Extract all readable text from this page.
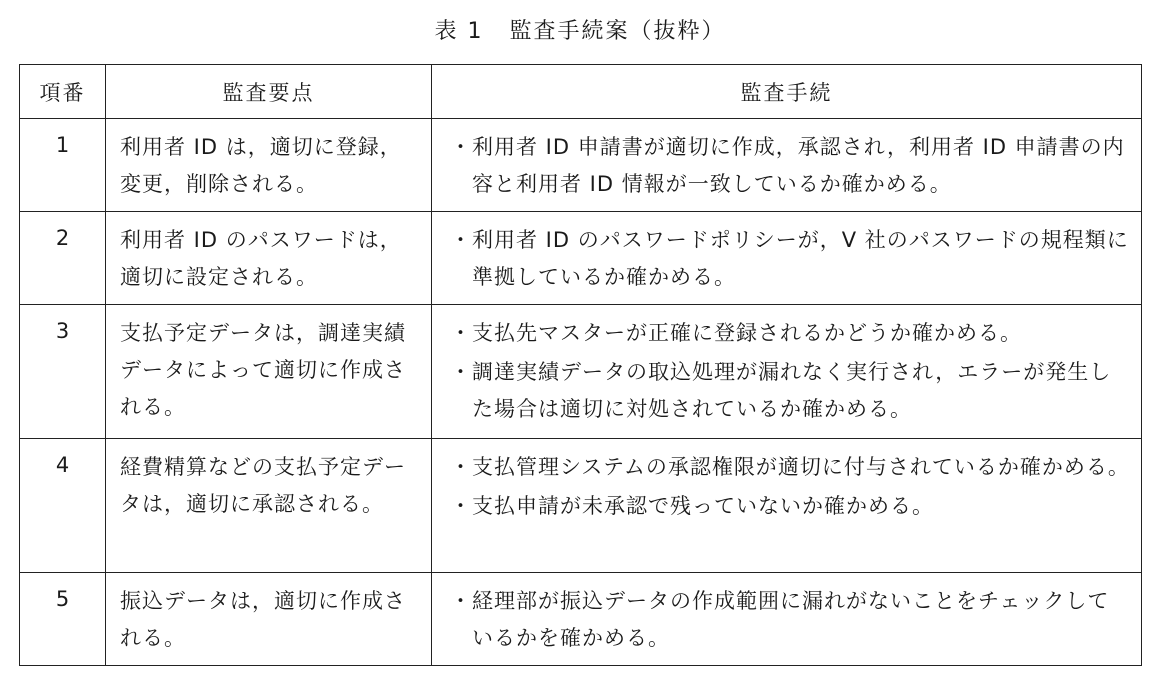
表 1 監査手続案（抜粋）
項番	監査要点	監査手続
1	利用者 ID は，適切に登録，変更，削除される。	・ 利用者 ID 申請書が適切に作成，承認され，利用者 ID 申請書の内容と利用者 ID 情報が一致しているか確かめる。

2	利用者 ID のパスワードは，適切に設定される。	・ 利用者 ID のパスワードポリシーが，V 社のパスワードの規程類に準拠しているか確かめる。

3	支払予定データは，調達実績データによって適切に作成される。	・ 支払先マスターが正確に登録されるかどうか確かめる。
・ 調達実績データの取込処理が漏れなく実行され，エラーが発生した場合は適切に対処されているか確かめる。

4	経費精算などの支払予定データは，適切に承認される。	・ 支払管理システムの承認権限が適切に付与されているか確かめる。
・ 支払申請が未承認で残っていないか確かめる。

5	振込データは，適切に作成される。	・ 経理部が振込データの作成範囲に漏れがないことをチェックしているかを確かめる。
